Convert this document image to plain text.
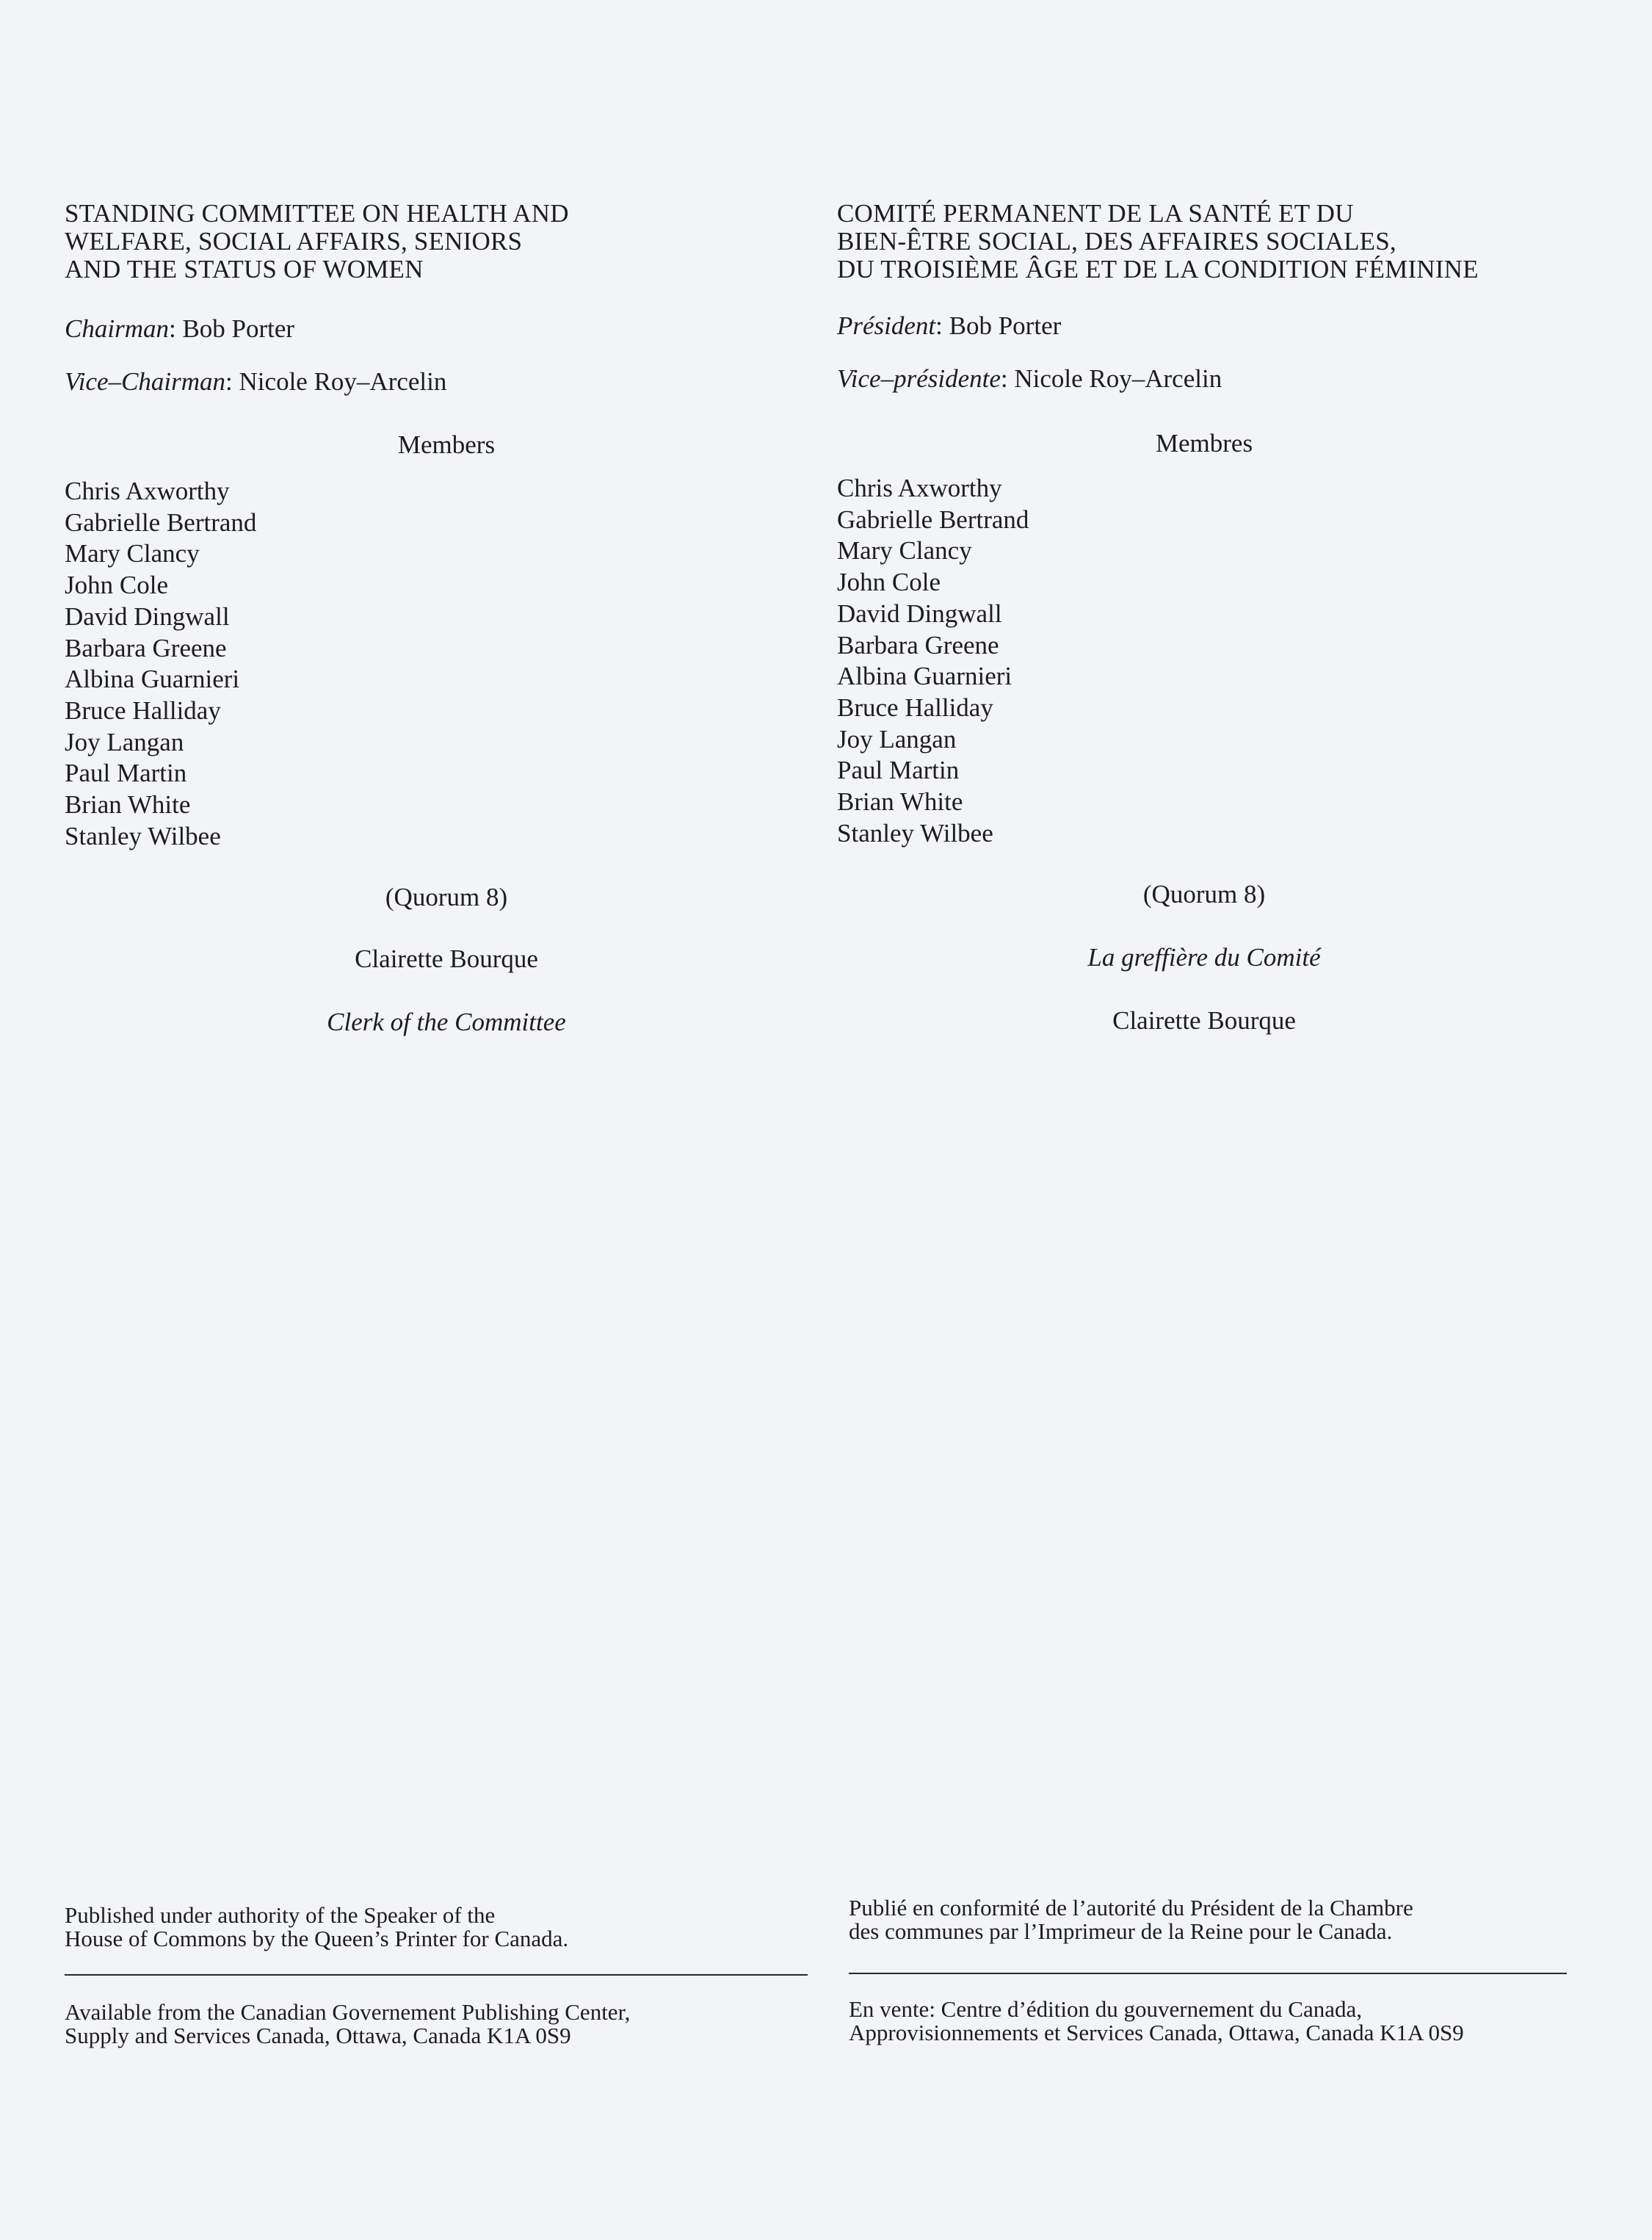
STANDING COMMITTEE ON HEALTH AND
WELFARE, SOCIAL AFFAIRS, SENIORS
AND THE STATUS OF WOMEN

Chairman: Bob Porter

Vice–Chairman: Nicole Roy–Arcelin

Members

Chris Axworthy
Gabrielle Bertrand
Mary Clancy
John Cole
David Dingwall
Barbara Greene
Albina Guarnieri
Bruce Halliday
Joy Langan
Paul Martin
Brian White
Stanley Wilbee
(Quorum 8)
Clairette Bourque
Clerk of the Committee
COMITÉ PERMANENT DE LA SANTÉ ET DU
BIEN-ÊTRE SOCIAL, DES AFFAIRES SOCIALES,
DU TROISIÈME ÂGE ET DE LA CONDITION FÉMININE

Président: Bob Porter

Vice–présidente: Nicole Roy–Arcelin

Membres

Chris Axworthy
Gabrielle Bertrand
Mary Clancy
John Cole
David Dingwall
Barbara Greene
Albina Guarnieri
Bruce Halliday
Joy Langan
Paul Martin
Brian White
Stanley Wilbee
(Quorum 8)
La greffière du Comité
Clairette Bourque
Published under authority of the Speaker of the
House of Commons by the Queen’s Printer for Canada.
Available from the Canadian Governement Publishing Center,
Supply and Services Canada, Ottawa, Canada K1A 0S9
Publié en conformité de l’autorité du Président de la Chambre
des communes par l’Imprimeur de la Reine pour le Canada.
En vente: Centre d’édition du gouvernement du Canada,
Approvisionnements et Services Canada, Ottawa, Canada K1A 0S9
